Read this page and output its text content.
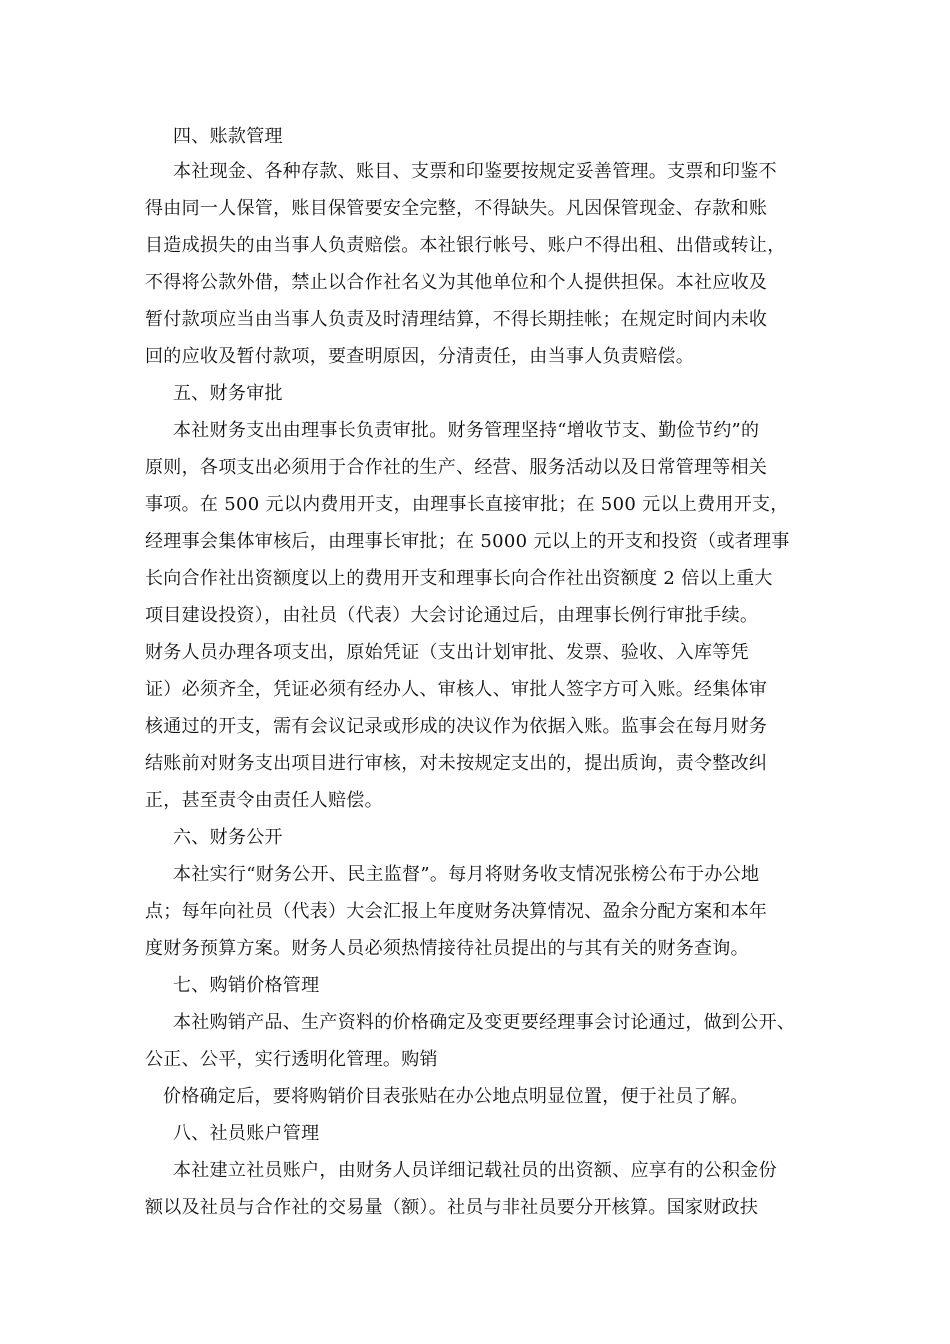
四、账款管理
本社现金、各种存款、账目、支票和印鉴要按规定妥善管理。支票和印鉴不
得由同一人保管，账目保管要安全完整，不得缺失。凡因保管现金、存款和账
目造成损失的由当事人负责赔偿。本社银行帐号、账户不得出租、出借或转让，
不得将公款外借，禁止以合作社名义为其他单位和个人提供担保。本社应收及
暂付款项应当由当事人负责及时清理结算，不得长期挂帐；在规定时间内未收
回的应收及暂付款项，要查明原因，分清责任，由当事人负责赔偿。
五、财务审批
本社财务支出由理事长负责审批。财务管理坚持“增收节支、勤俭节约”的
原则，各项支出必须用于合作社的生产、经营、服务活动以及日常管理等相关
事项。在 500 元以内费用开支，由理事长直接审批；在 500 元以上费用开支，
经理事会集体审核后，由理事长审批；在 5000 元以上的开支和投资（或者理事
长向合作社出资额度以上的费用开支和理事长向合作社出资额度 2 倍以上重大
项目建设投资），由社员（代表）大会讨论通过后，由理事长例行审批手续。
财务人员办理各项支出，原始凭证（支出计划审批、发票、验收、入库等凭
证）必须齐全，凭证必须有经办人、审核人、审批人签字方可入账。经集体审
核通过的开支，需有会议记录或形成的决议作为依据入账。监事会在每月财务
结账前对财务支出项目进行审核，对未按规定支出的，提出质询，责令整改纠
正，甚至责令由责任人赔偿。
六、财务公开
本社实行“财务公开、民主监督”。每月将财务收支情况张榜公布于办公地
点；每年向社员（代表）大会汇报上年度财务决算情况、盈余分配方案和本年
度财务预算方案。财务人员必须热情接待社员提出的与其有关的财务查询。
七、购销价格管理
本社购销产品、生产资料的价格确定及变更要经理事会讨论通过，做到公开、
公正、公平，实行透明化管理。购销
价格确定后，要将购销价目表张贴在办公地点明显位置，便于社员了解。
八、社员账户管理
本社建立社员账户，由财务人员详细记载社员的出资额、应享有的公积金份
额以及社员与合作社的交易量（额）。社员与非社员要分开核算。国家财政扶
